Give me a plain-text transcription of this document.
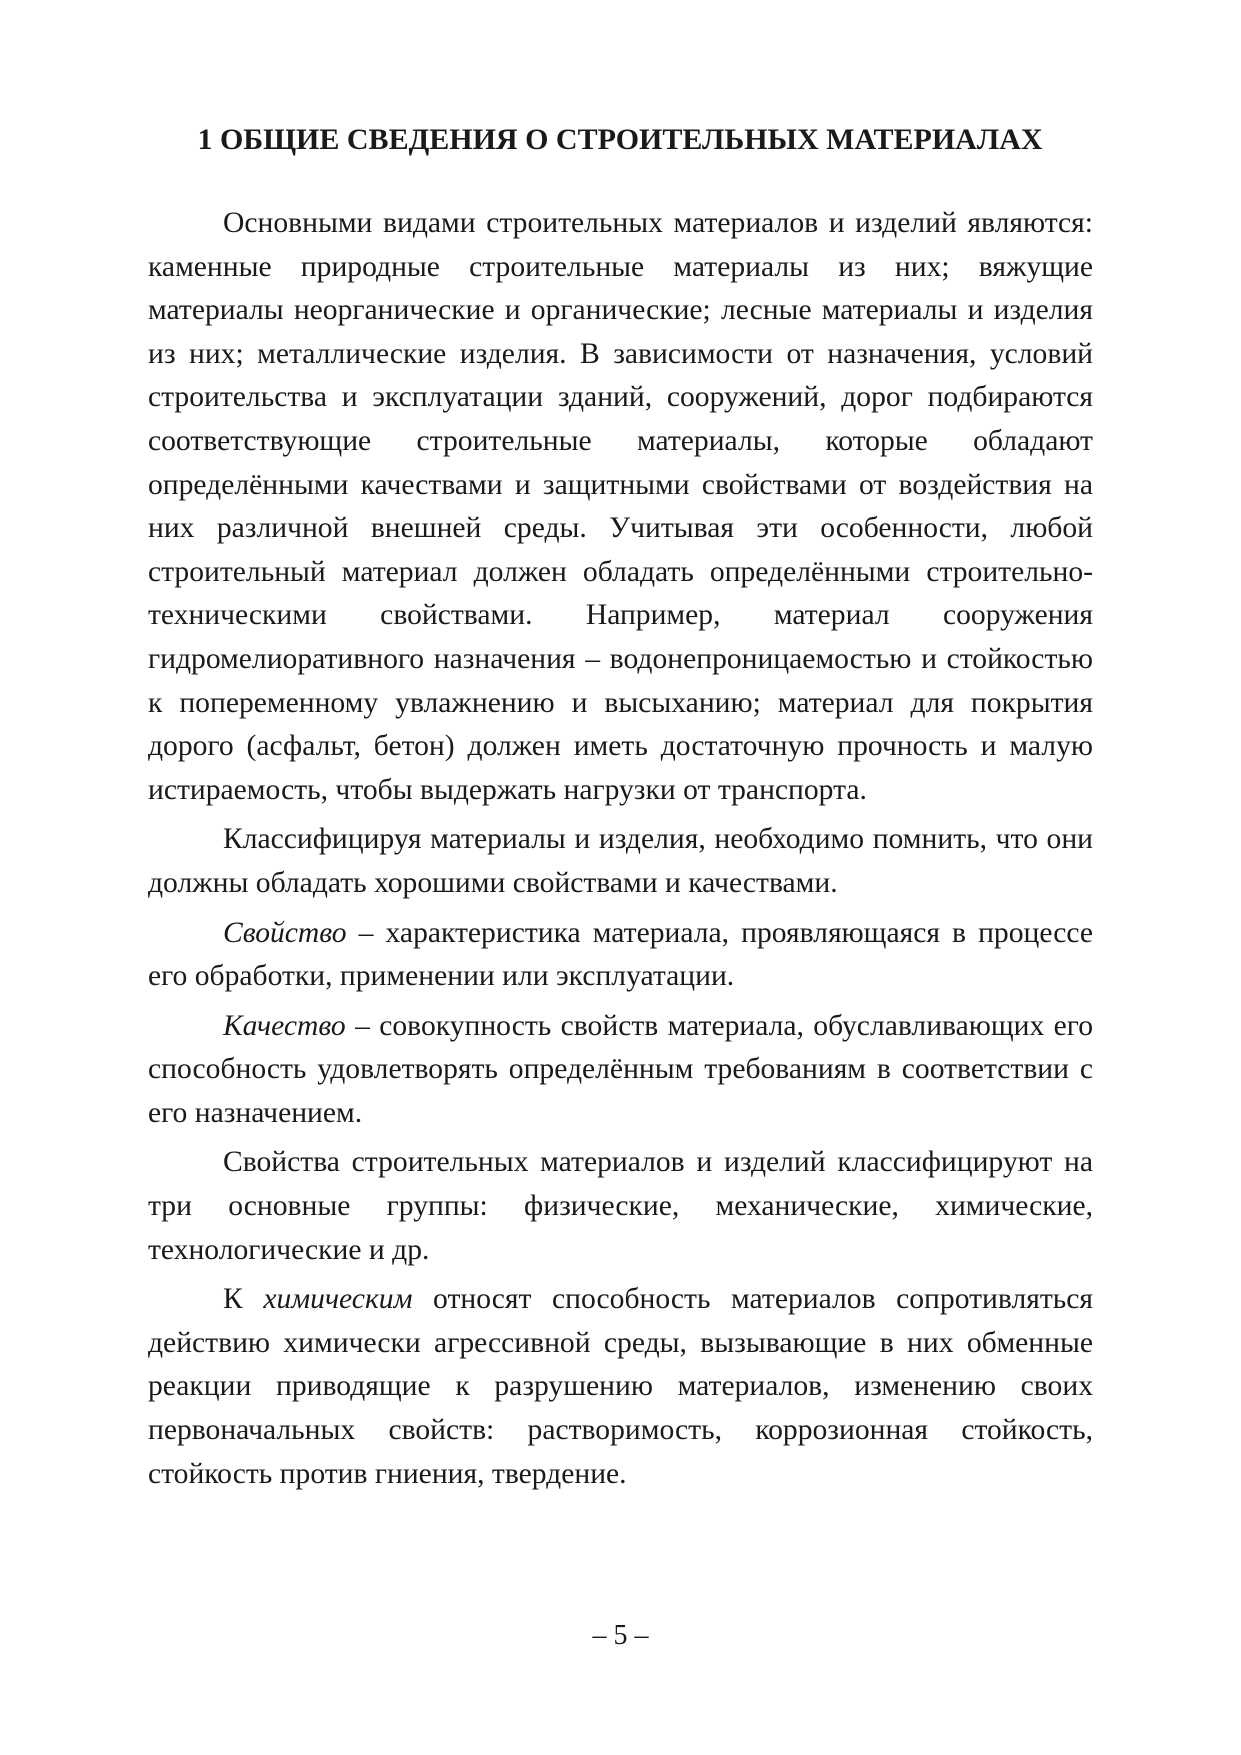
1 ОБЩИЕ СВЕДЕНИЯ О СТРОИТЕЛЬНЫХ МАТЕРИАЛАХ

Основными видами строительных материалов и изделий являются: каменные природные строительные материалы из них; вяжущие материалы неорганические и органические; лесные материалы и изделия из них; металлические изделия. В зависимости от назначения, условий строительства и эксплуатации зданий, сооружений, дорог подбираются соответствующие строительные материалы, которые обладают определёнными качествами и защитными свойствами от воздействия на них различной внешней среды. Учитывая эти особенности, любой строительный материал должен обладать определёнными строительно-техническими свойствами. Например, материал сооружения гидромелиоративного назначения – водонепроницаемостью и стойкостью к попеременному увлажнению и высыханию; материал для покрытия дорого (асфальт, бетон) должен иметь достаточную прочность и малую истираемость, чтобы выдержать нагрузки от транспорта.

Классифицируя материалы и изделия, необходимо помнить, что они должны обладать хорошими свойствами и качествами.

Свойство – характеристика материала, проявляющаяся в процессе его обработки, применении или эксплуатации.

Качество – совокупность свойств материала, обуславливающих его способность удовлетворять определённым требованиям в соответствии с его назначением.

Свойства строительных материалов и изделий классифицируют на три основные группы: физические, механические, химические, технологические и др.

К химическим относят способность материалов сопротивляться действию химически агрессивной среды, вызывающие в них обменные реакции приводящие к разрушению материалов, изменению своих первоначальных свойств: растворимость, коррозионная стойкость, стойкость против гниения, твердение.

– 5 –
